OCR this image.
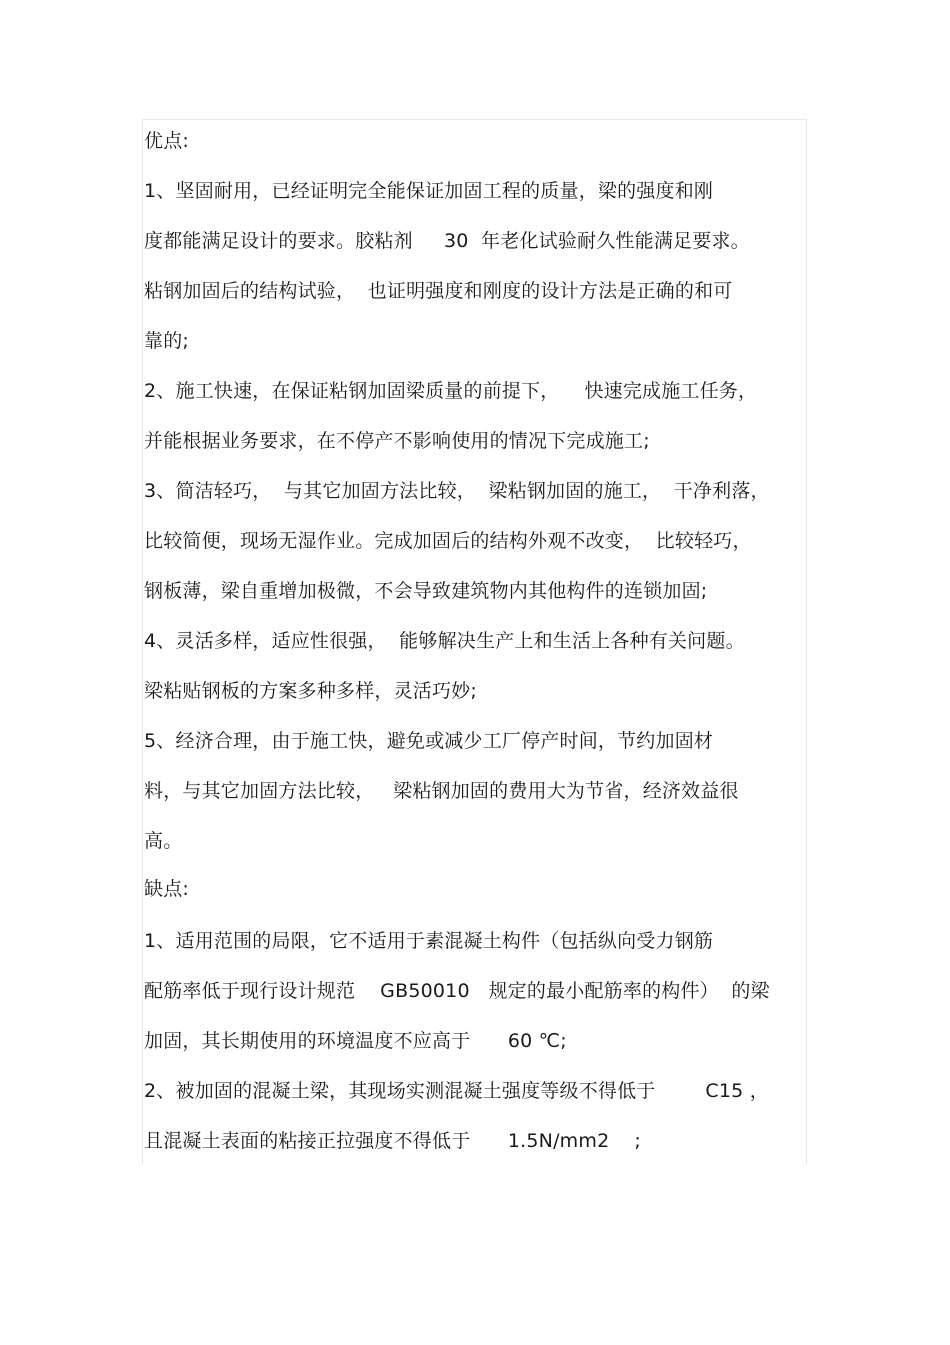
优点:
1、坚固耐用，已经证明完全能保证加固工程的质量，梁的强度和刚
度都能满足设计的要求。胶粘剂     30  年老化试验耐久性能满足要求。
粘钢加固后的结构试验，  也证明强度和刚度的设计方法是正确的和可
靠的;
2、施工快速，在保证粘钢加固梁质量的前提下，    快速完成施工任务，
并能根据业务要求，在不停产不影响使用的情况下完成施工;
3、简洁轻巧，  与其它加固方法比较，  梁粘钢加固的施工，  干净利落，
比较简便，现场无湿作业。完成加固后的结构外观不改变，  比较轻巧，
钢板薄，梁自重增加极微，不会导致建筑物内其他构件的连锁加固;
4、灵活多样，适应性很强，  能够解决生产上和生活上各种有关问题。
梁粘贴钢板的方案多种多样，灵活巧妙;
5、经济合理，由于施工快，避免或减少工厂停产时间，节约加固材
料，与其它加固方法比较，   梁粘钢加固的费用大为节省，经济效益很
高。
缺点:
1、适用范围的局限，它不适用于素混凝土构件（包括纵向受力钢筋
配筋率低于现行设计规范    GB50010   规定的最小配筋率的构件）  的梁
加固，其长期使用的环境温度不应高于      60 ℃;
2、被加固的混凝土梁，其现场实测混凝土强度等级不得低于        C15 ，
且混凝土表面的粘接正拉强度不得低于      1.5N/mm2    ;
